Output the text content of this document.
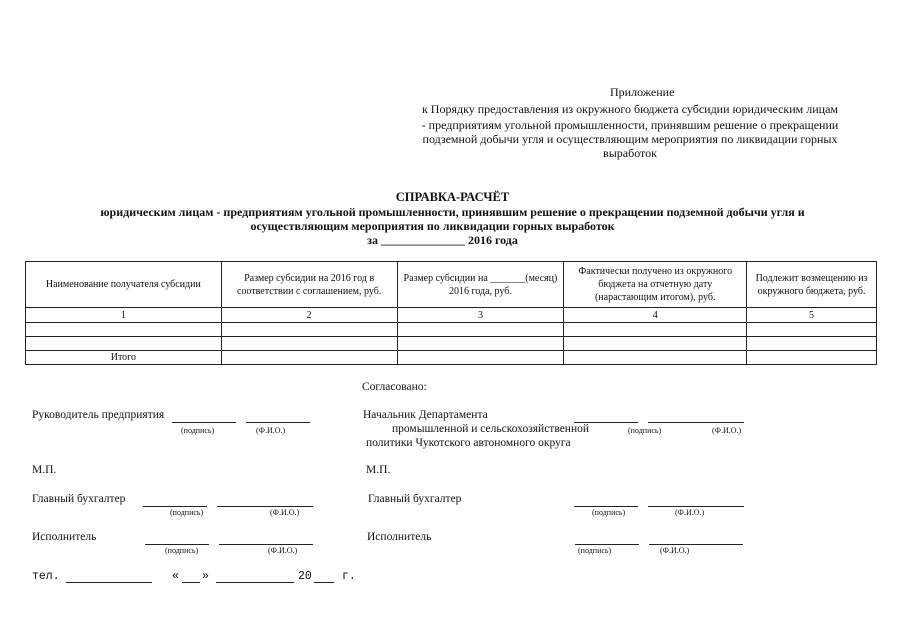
Приложение
к Порядку предоставления из окружного бюджета субсидии юридическим лицам
- предприятиям угольной промышленности, принявшим решение о прекращении
подземной добычи угля и осуществляющим мероприятия по ликвидации горных
выработок
СПРАВКА-РАСЧЁТ
юридическим лицам - предприятиям угольной промышленности, принявшим решение о прекращении подземной добычи угля и
осуществляющим мероприятия по ликвидации горных выработок
за ______________ 2016 года
Наименование получателя субсидии	Размер субсидии на 2016 год в соответствии с соглашением, руб.	Размер субсидии на _______(месяц) 2016 года, руб.	Фактически получено из окружного бюджета на отчетную дату (нарастающим итогом), руб.	Подлежит возмещению из окружного бюджета, руб.
1	2	3	4	5

Итого				
Согласовано:
Руководитель предприятия
(подпись)	(Ф.И.О.)
Начальник Департамента
промышленной и сельскохозяйственной
политики Чукотского автономного округа
(подпись)	(Ф.И.О.)
М.П.	М.П.
Главный бухгалтер
(подпись)	(Ф.И.О.)
Главный бухгалтер
(подпись)	(Ф.И.О.)
Исполнитель
(подпись)	(Ф.И.О.)
Исполнитель
(подпись)	(Ф.И.О.)
тел.	« »	20	г.
